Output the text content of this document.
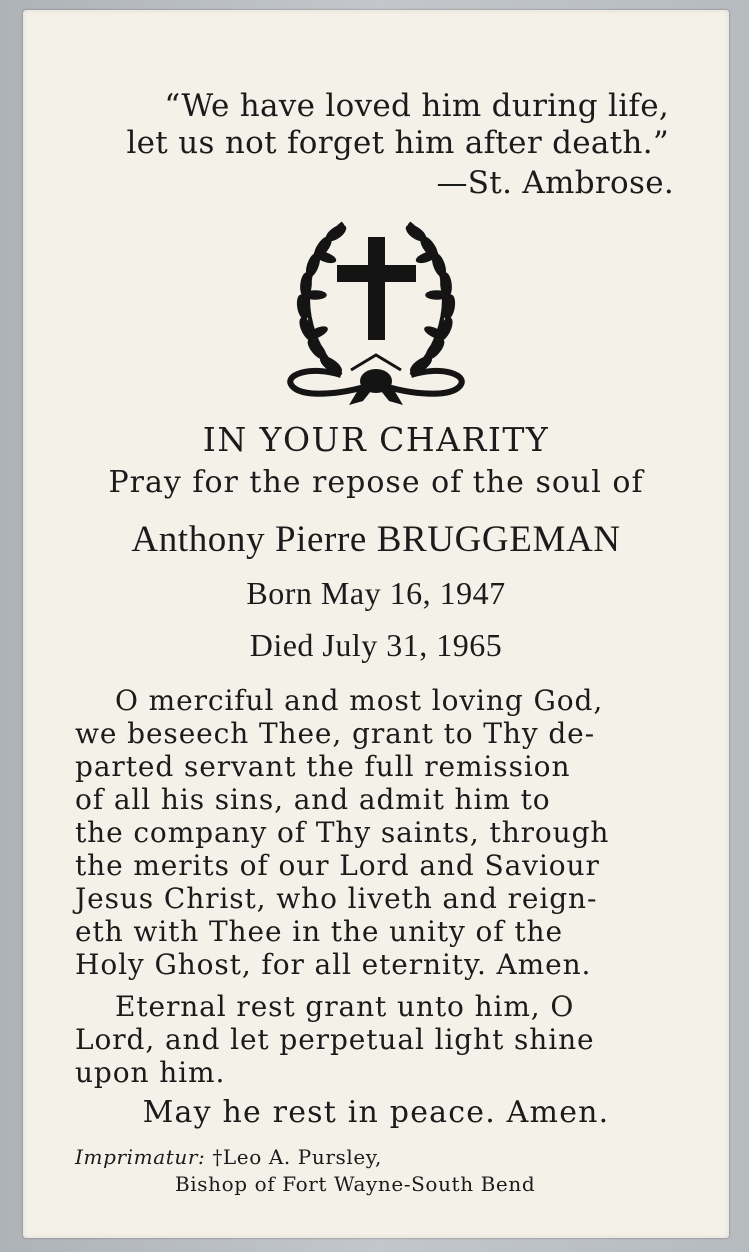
“We have loved him during life,
let us not forget him after death.”
—St. Ambrose.
IN YOUR CHARITY
Pray for the repose of the soul of
Anthony Pierre BRUGGEMAN
Born May 16, 1947
Died July 31, 1965
O merciful and most loving God,
we beseech Thee, grant to Thy de-
parted servant the full remission
of all his sins, and admit him to
the company of Thy saints, through
the merits of our Lord and Saviour
Jesus Christ, who liveth and reign-
eth with Thee in the unity of the
Holy Ghost, for all eternity. Amen.
Eternal rest grant unto him, O
Lord, and let perpetual light shine
upon him.
May he rest in peace. Amen.
Imprimatur: †Leo A. Pursley,
Bishop of Fort Wayne-South Bend
